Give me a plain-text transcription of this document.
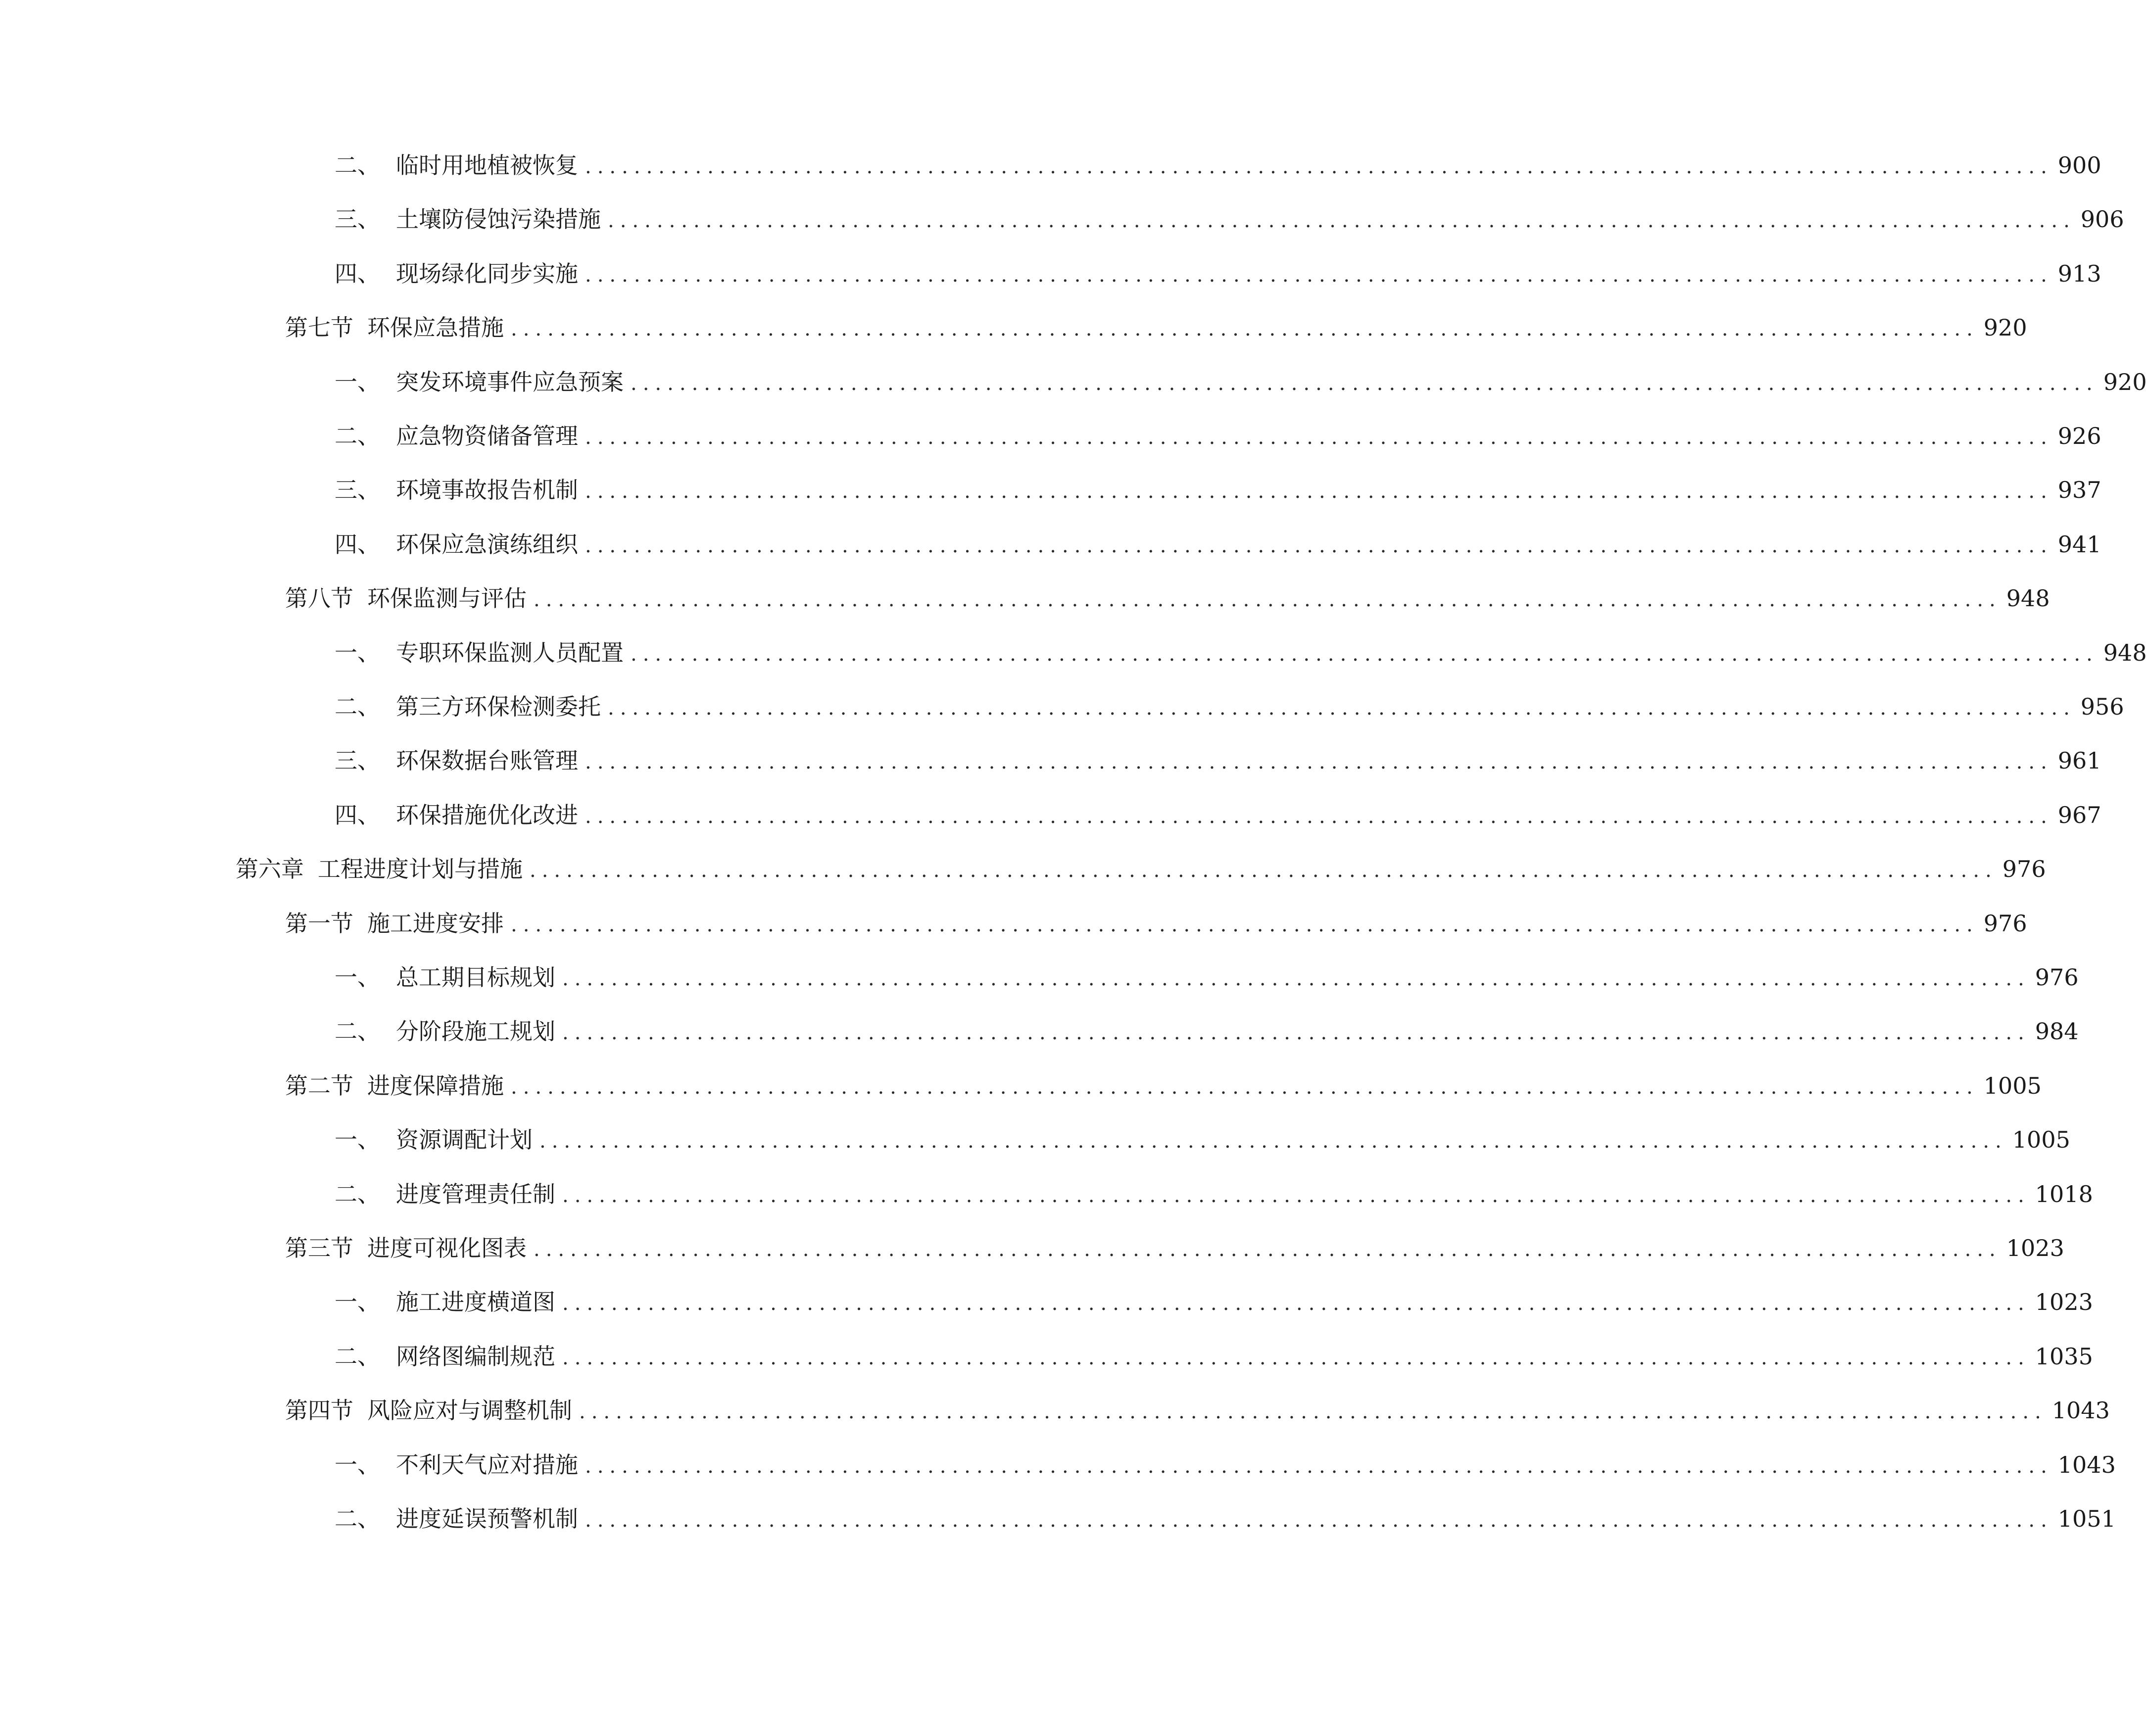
二、 临时用地植被恢复 ........................................................................................................................ 900
三、 土壤防侵蚀污染措施 ........................................................................................................................ 906
四、 现场绿化同步实施 ........................................................................................................................ 913
第七节 环保应急措施 ........................................................................................................................ 920
一、 突发环境事件应急预案 ........................................................................................................................ 920
二、 应急物资储备管理 ........................................................................................................................ 926
三、 环境事故报告机制 ........................................................................................................................ 937
四、 环保应急演练组织 ........................................................................................................................ 941
第八节 环保监测与评估 ........................................................................................................................ 948
一、 专职环保监测人员配置 ........................................................................................................................ 948
二、 第三方环保检测委托 ........................................................................................................................ 956
三、 环保数据台账管理 ........................................................................................................................ 961
四、 环保措施优化改进 ........................................................................................................................ 967
第六章 工程进度计划与措施 ........................................................................................................................ 976
第一节 施工进度安排 ........................................................................................................................ 976
一、 总工期目标规划 ........................................................................................................................ 976
二、 分阶段施工规划 ........................................................................................................................ 984
第二节 进度保障措施 ........................................................................................................................ 1005
一、 资源调配计划 ........................................................................................................................ 1005
二、 进度管理责任制 ........................................................................................................................ 1018
第三节 进度可视化图表 ........................................................................................................................ 1023
一、 施工进度横道图 ........................................................................................................................ 1023
二、 网络图编制规范 ........................................................................................................................ 1035
第四节 风险应对与调整机制 ........................................................................................................................ 1043
一、 不利天气应对措施 ........................................................................................................................ 1043
二、 进度延误预警机制 ........................................................................................................................ 1051
